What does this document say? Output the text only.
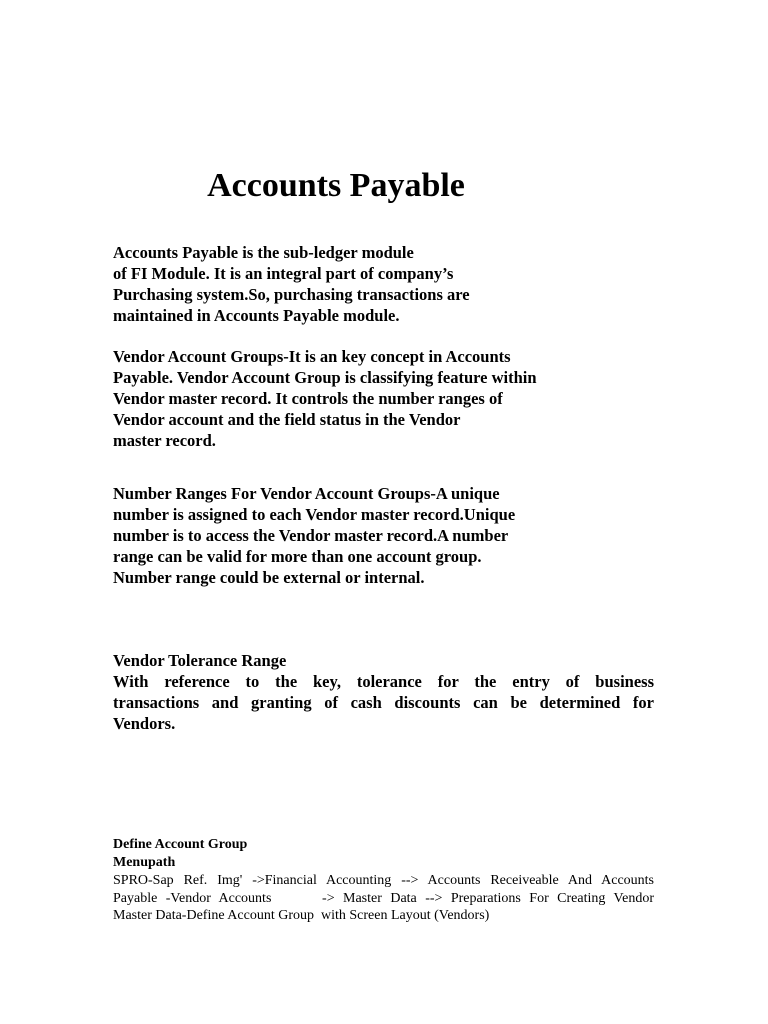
Accounts Payable

Accounts Payable is the sub-ledger module
of FI Module. It is an integral part of company’s
Purchasing system.So, purchasing transactions are
maintained in Accounts Payable module.

Vendor Account Groups-It is an key concept in Accounts
Payable. Vendor Account Group is classifying feature within
Vendor master record. It controls the number ranges of
Vendor account and the field status in the Vendor
master record.

Number Ranges For Vendor Account Groups-A unique
number is assigned to each Vendor master record.Unique
number is to access the Vendor master record.A number
range can be valid for more than one account group.
Number range could be external or internal.

Vendor Tolerance Range
With reference to the key, tolerance for the entry of business
transactions and granting of cash discounts can be determined for
Vendors.

Define Account Group

Menupath

SPRO-Sap Ref. Img' ->Financial Accounting --> Accounts Receiveable And Accounts
Payable -Vendor Accounts      -> Master Data --> Preparations For Creating Vendor
Master Data-Define Account Group  with Screen Layout (Vendors)
